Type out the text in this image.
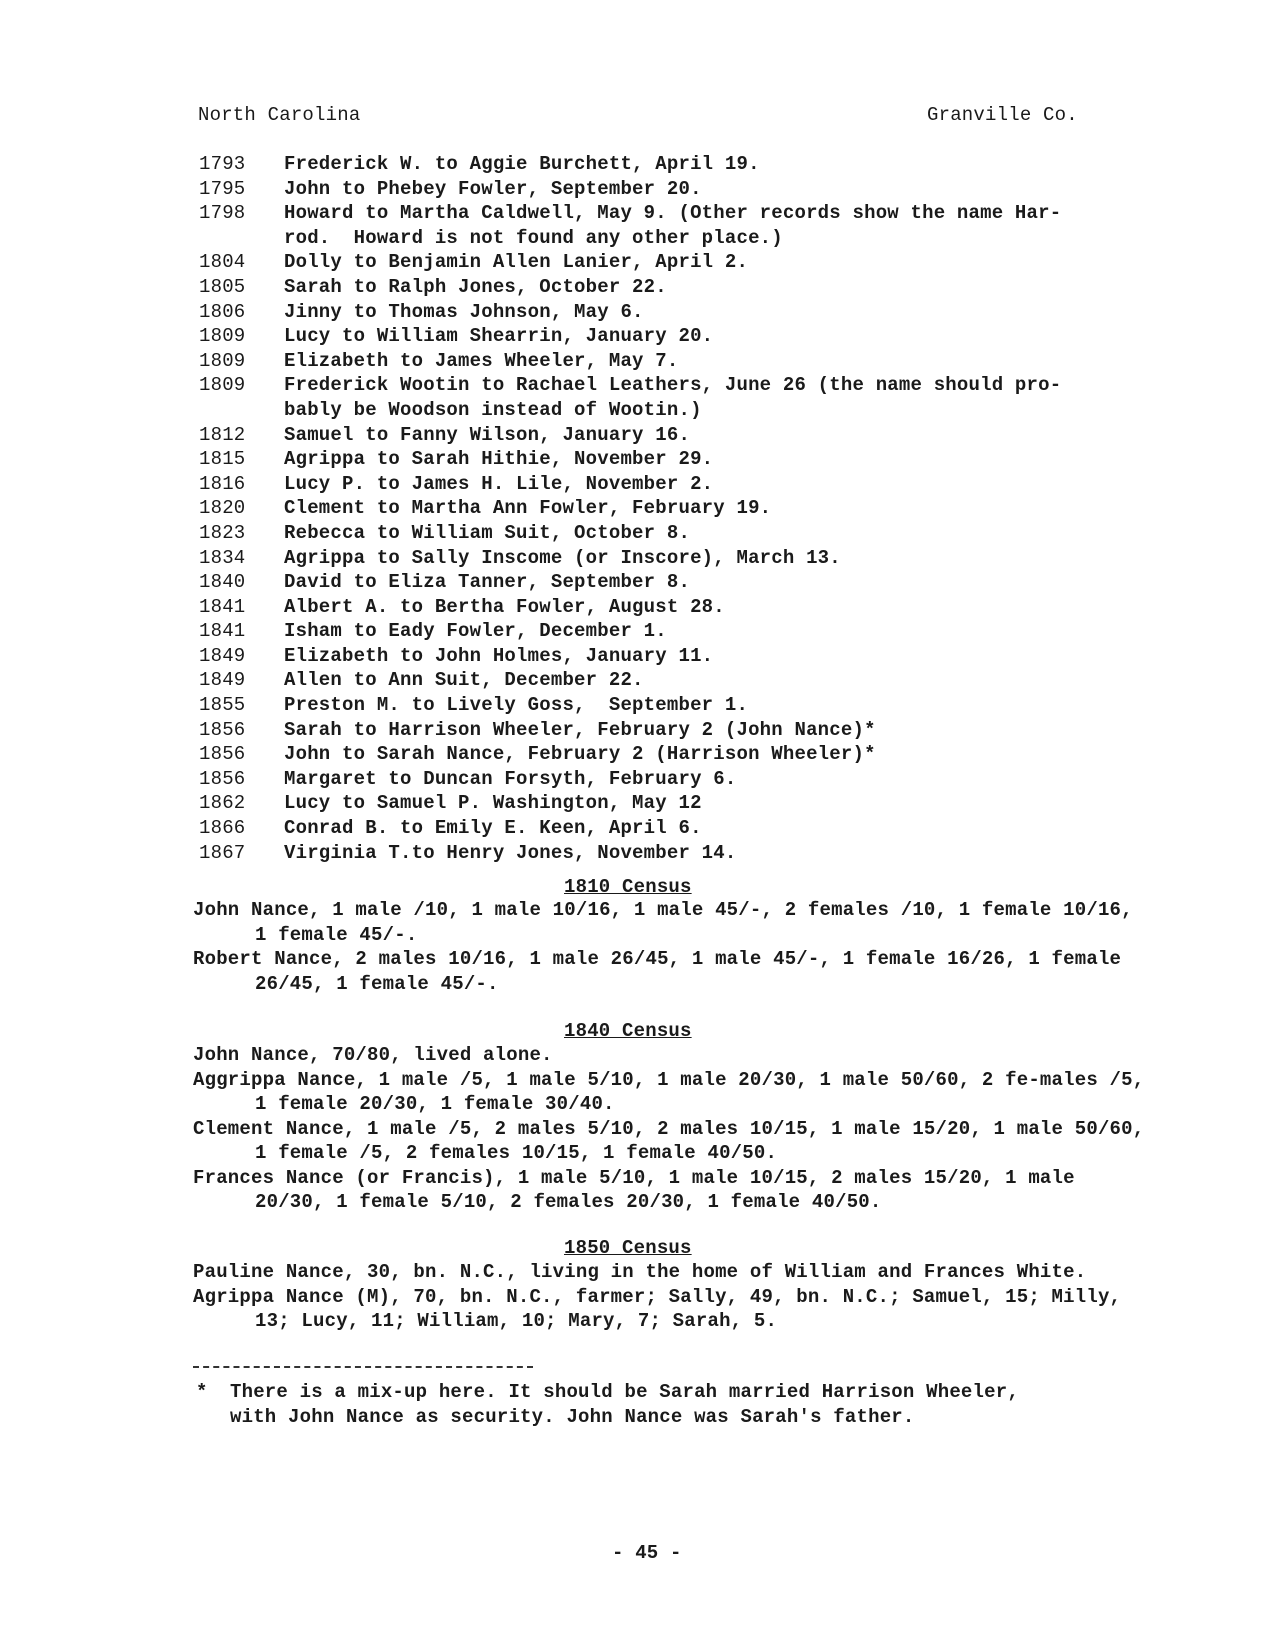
North Carolina	Granville Co.
1793	Frederick W. to Aggie Burchett, April 19.
1795	John to Phebey Fowler, September 20.
1798	Howard to Martha Caldwell, May 9. (Other records show the name Har-
rod.  Howard is not found any other place.)
1804	Dolly to Benjamin Allen Lanier, April 2.
1805	Sarah to Ralph Jones, October 22.
1806	Jinny to Thomas Johnson, May 6.
1809	Lucy to William Shearrin, January 20.
1809	Elizabeth to James Wheeler, May 7.
1809	Frederick Wootin to Rachael Leathers, June 26 (the name should pro-
bably be Woodson instead of Wootin.)
1812	Samuel to Fanny Wilson, January 16.
1815	Agrippa to Sarah Hithie, November 29.
1816	Lucy P. to James H. Lile, November 2.
1820	Clement to Martha Ann Fowler, February 19.
1823	Rebecca to William Suit, October 8.
1834	Agrippa to Sally Inscome (or Inscore), March 13.
1840	David to Eliza Tanner, September 8.
1841	Albert A. to Bertha Fowler, August 28.
1841	Isham to Eady Fowler, December 1.
1849	Elizabeth to John Holmes, January 11.
1849	Allen to Ann Suit, December 22.
1855	Preston M. to Lively Goss,  September 1.
1856	Sarah to Harrison Wheeler, February 2 (John Nance)*
1856	John to Sarah Nance, February 2 (Harrison Wheeler)*
1856	Margaret to Duncan Forsyth, February 6.
1862	Lucy to Samuel P. Washington, May 12
1866	Conrad B. to Emily E. Keen, April 6.
1867	Virginia T.to Henry Jones, November 14.
1810 Census
John Nance, 1 male /10, 1 male 10/16, 1 male 45/-, 2 females /10, 1 female 10/16, 1 female 45/-.
Robert Nance, 2 males 10/16, 1 male 26/45, 1 male 45/-, 1 female 16/26, 1 female 26/45, 1 female 45/-.
1840 Census
John Nance, 70/80, lived alone.
Aggrippa Nance, 1 male /5, 1 male 5/10, 1 male 20/30, 1 male 50/60, 2 fe-males /5, 1 female 20/30, 1 female 30/40.
Clement Nance, 1 male /5, 2 males 5/10, 2 males 10/15, 1 male 15/20, 1 male 50/60, 1 female /5, 2 females 10/15, 1 female 40/50.
Frances Nance (or Francis), 1 male 5/10, 1 male 10/15, 2 males 15/20, 1 male 20/30, 1 female 5/10, 2 females 20/30, 1 female 40/50.
1850 Census
Pauline Nance, 30, bn. N.C., living in the home of William and Frances White.
Agrippa Nance (M), 70, bn. N.C., farmer; Sally, 49, bn. N.C.; Samuel, 15; Milly, 13; Lucy, 11; William, 10; Mary, 7; Sarah, 5.
* There is a mix-up here. It should be Sarah married Harrison Wheeler,
with John Nance as security. John Nance was Sarah's father.
- 45 -
